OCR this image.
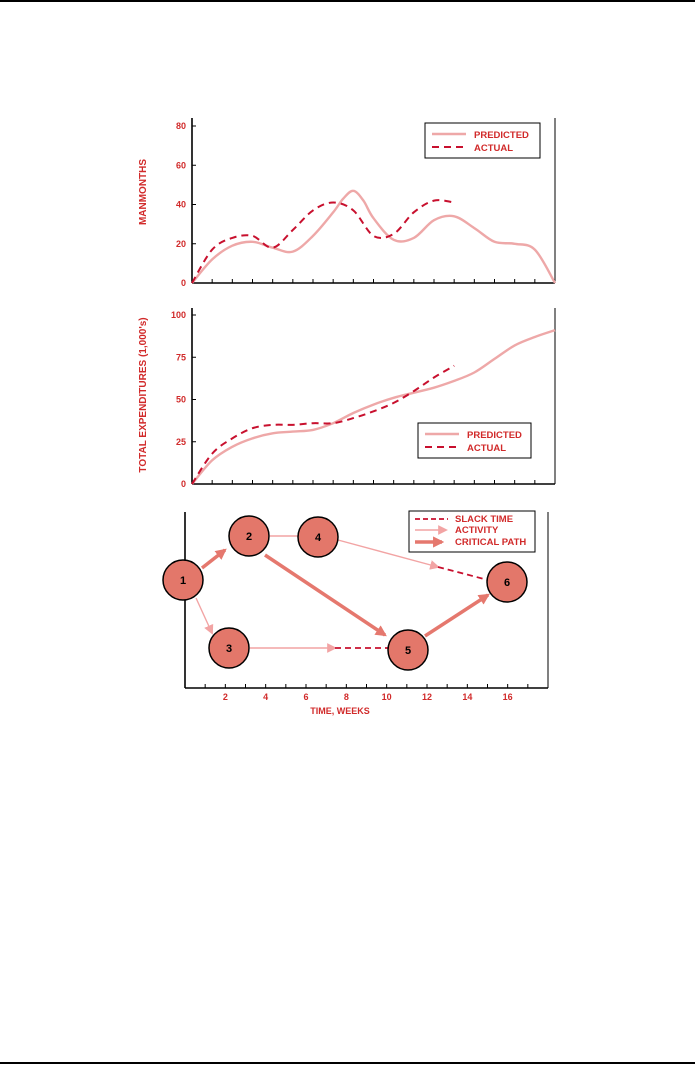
0
20
40
60
80
MANMONTHS
PREDICTED
ACTUAL
0
25
50
75
100
TOTAL EXPENDITURES (1,000's)	PREDICTED
ACTUAL
2	4	6	8	10	12	14	16
TIME, WEEKS
1
2
3
4
5
6
SLACK TIME
ACTIVITY
CRITICAL PATH
